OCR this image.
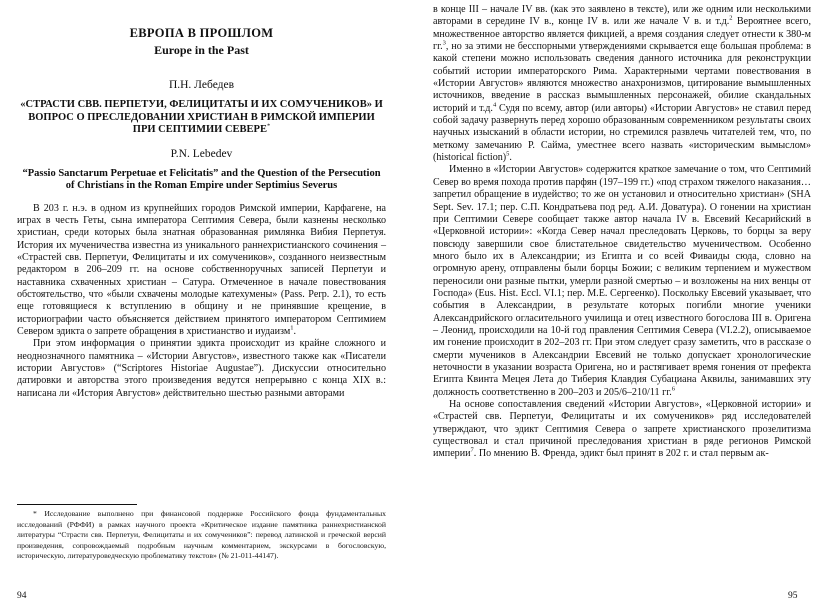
ЕВРОПА В ПРОШЛОМ

Europe in the Past

П.Н. Лебедев

«СТРАСТИ СВВ. ПЕРПЕТУИ, ФЕЛИЦИТАТЫ И ИХ СОМУЧЕНИКОВ» И ВОПРОС О ПРЕСЛЕДОВАНИИ ХРИСТИАН В РИМСКОЙ ИМПЕРИИ ПРИ СЕПТИМИИ СЕВЕРЕ*

P.N. Lebedev

“Passio Sanctarum Perpetuae et Felicitatis” and the Question of the Persecution of Christians in the Roman Empire under Septimius Severus

В 203 г. н.э. в одном из крупнейших городов Римской империи, Карфагене, на играх в честь Геты, сына императора Септимия Севера, были казнены несколько христиан, среди которых была знатная образованная римлянка Вибия Перпетуя. История их мученичества известна из уникального раннехристианского сочинения – «Страстей свв. Перпетуи, Фелицитаты и их сомучеников», созданного неизвестным редактором в 206–209 гг. на основе собственноручных записей Перпетуи и наставника схваченных христиан – Сатура. Отмеченное в начале повествования обстоятельство, что «были схвачены молодые катехумены» (Pass. Perp. 2.1), то есть еще готовящиеся к вступлению в общину и не принявшие крещение, в историографии часто объясняется действием принятого императором Септимием Севером эдикта о запрете обращения в христианство и иудаизм$^1$.

При этом информация о принятии эдикта происходит из крайне сложного и неоднозначного памятника – «Истории Августов», известного также как «Писатели истории Августов» (“Scriptores Historiae Augustae”). Дискуссии относительно датировки и авторства этого произведения ведутся непрерывно с конца XIX в.: написана ли «История Августов» действительно шестью разными авторами

* Исследование выполнено при финансовой поддержке Российского фонда фундаментальных исследований (РФФИ) в рамках научного проекта «Критическое издание памятника раннехристианской литературы “Страсти свв. Перпетуи, Фелицитаты и их сомучеников”: перевод латинской и греческой версий произведения, сопровождаемый подробным научным комментарием, экскурсами в богословскую, историческую, литературоведческую проблематику текстов» (№ 21-011-44147).

94

в конце III – начале IV вв. (как это заявлено в тексте), или же одним или несколькими авторами в середине IV в., конце IV в. или же начале V в. и т.д.$^2$ Вероятнее всего, множественное авторство является фикцией, а время создания следует отнести к 380-м гг.$^3$, но за этими не бесспорными утверждениями скрывается еще большая проблема: в какой степени можно использовать сведения данного источника для реконструкции событий истории императорского Рима. Характерными чертами повествования в «Истории Августов» являются множество анахронизмов, цитирование вымышленных источников, введение в рассказ вымышленных персонажей, обилие скандальных историй и т.д.$^4$ Судя по всему, автор (или авторы) «Истории Августов» не ставил перед собой задачу развернуть перед хорошо образованным современником результаты своих научных изысканий в области истории, но стремился развлечь читателей тем, что, по меткому замечанию Р. Сайма, уместнее всего назвать «историческим вымыслом» (historical fiction)$^5$.

Именно в «Истории Августов» содержится краткое замечание о том, что Септимий Север во время похода против парфян (197–199 гг.) «под страхом тяжелого наказания… запретил обращение в иудейство; то же он установил и относительно христиан» (SHA Sept. Sev. 17.1; пер. С.П. Кондратьева под ред. А.И. Доватура). О гонении на христиан при Септимии Севере сообщает также автор начала IV в. Евсевий Кесарийский в «Церковной истории»: «Когда Север начал преследовать Церковь, то борцы за веру повсюду завершили свое блистательное свидетельство мученичеством. Особенно много было их в Александрии; из Египта и со всей Фиваиды сюда, словно на огромную арену, отправлены были борцы Божии; с великим терпением и мужеством переносили они разные пытки, умерли разной смертью – и возложены на них венцы от Господа» (Eus. Hist. Eccl. VI.1; пер. М.Е. Сергеенко). Поскольку Евсевий указывает, что события в Александрии, в результате которых погибли многие ученики Александрийского огласительного училища и отец известного богослова III в. Оригена – Леонид, происходили на 10-й год правления Септимия Севера (VI.2.2), описываемое им гонение происходит в 202–203 гг. При этом следует сразу заметить, что в рассказе о смерти мучеников в Александрии Евсевий не только допускает хронологические неточности в указании возраста Оригена, но и растягивает время гонения от префекта Египта Квинта Мецея Лета до Тиберия Клавдия Субациана Аквилы, занимавших эту должность соответственно в 200–203 и 205/6–210/11 гг.$^6$

На основе сопоставления сведений «Истории Августов», «Церковной истории» и «Страстей свв. Перпетуи, Фелицитаты и их сомучеников» ряд исследователей утверждают, что эдикт Септимия Севера о запрете христианского прозелитизма существовал и стал причиной преследования христиан в ряде регионов Римской империи$^7$. По мнению В. Френда, эдикт был принят в 202 г. и стал первым ак-

95
